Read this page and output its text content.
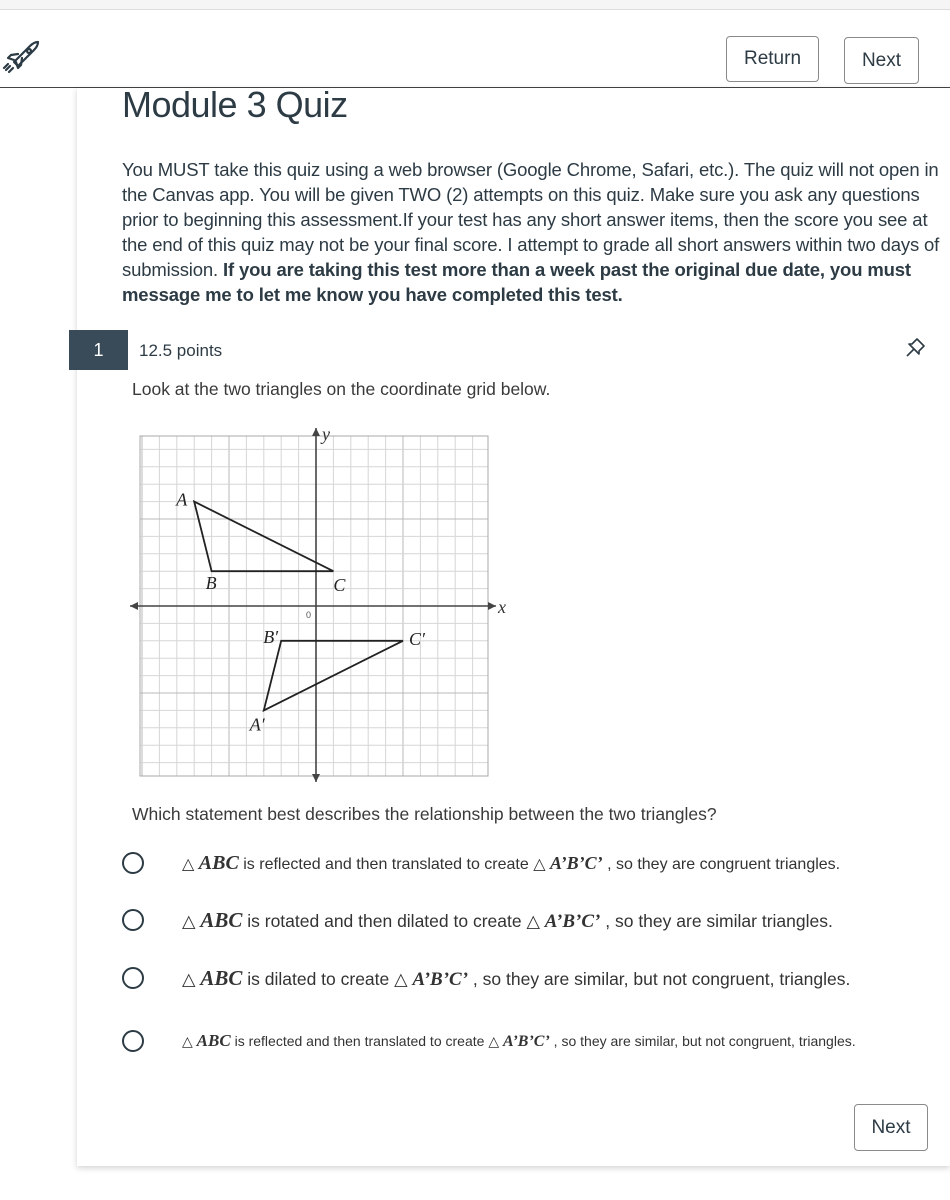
Return	Next
Module 3 Quiz

You MUST take this quiz using a web browser (Google Chrome, Safari, etc.). The quiz will not open in the Canvas app. You will be given TWO (2) attempts on this quiz. Make sure you ask any questions prior to beginning this assessment.If your test has any short answer items, then the score you see at the end of this quiz may not be your final score. I attempt to grade all short answers within two days of submission. If you are taking this test more than a week past the original due date, you must message me to let me know you have completed this test.

1	12.5 points
Look at the two triangles on the coordinate grid below.
x
y
0
A
B	C
A′
B′	C′
Which statement best describes the relationship between the two triangles?
△ ABC is reflected and then translated to create △ A’B’C’ , so they are congruent triangles.
△ ABC is rotated and then dilated to create △ A’B’C’ , so they are similar triangles.
△ ABC is dilated to create △ A’B’C’ , so they are similar, but not congruent, triangles.
△ ABC is reflected and then translated to create △ A’B’C’ , so they are similar, but not congruent, triangles.
Next
